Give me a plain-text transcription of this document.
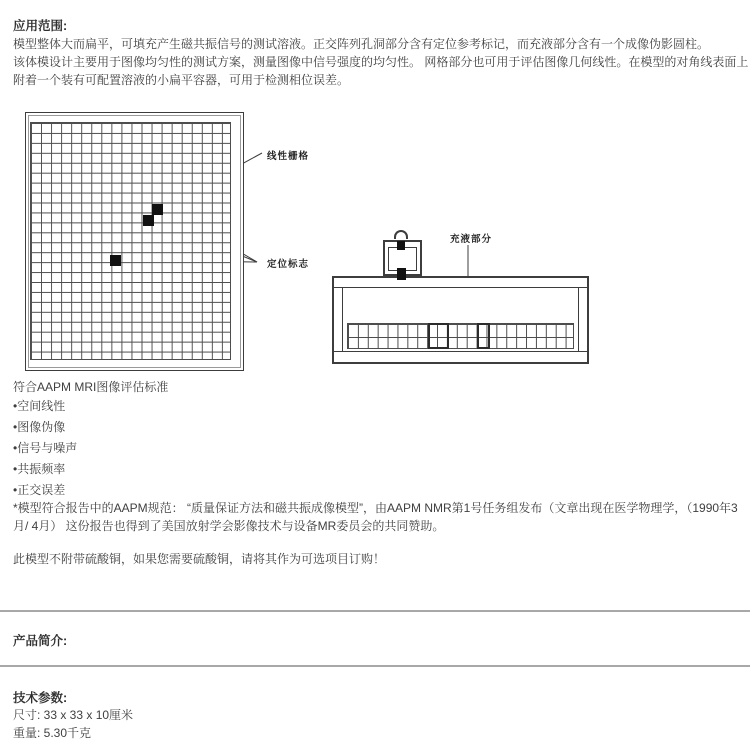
应用范围:
模型整体大而扁平，可填充产生磁共振信号的测试溶液。正交阵列孔洞部分含有定位参考标记，而充液部分含有一个成像伪影圆柱。
该体模设计主要用于图像均匀性的测试方案，测量图像中信号强度的均匀性。 网格部分也可用于评估图像几何线性。在模型的对角线表面上附着一个装有可配置溶液的小扁平容器，可用于检测相位误差。
线性栅格
定位标志
充液部分
符合AAPM MRI图像评估标准
•空间线性
•图像伪像
•信号与噪声
•共振频率
•正交误差
*模型符合报告中的AAPM规范： “质量保证方法和磁共振成像模型”，由AAPM NMR第1号任务组发布（文章出现在医学物理学，（1990年3月/ 4月） 这份报告也得到了美国放射学会影像技术与设备MR委员会的共同赞助。
此模型不附带硫酸铜，如果您需要硫酸铜，请将其作为可选项目订购！
产品简介:
技术参数:
尺寸: 33 x 33 x 10厘米
重量: 5.30千克
